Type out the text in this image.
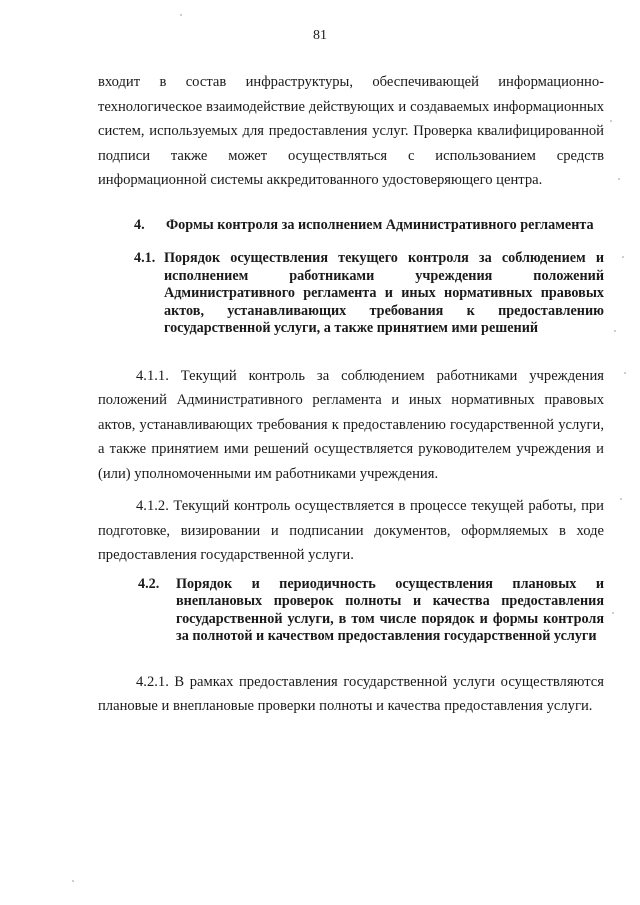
81

входит в состав инфраструктуры, обеспечивающей информационно-технологическое взаимодействие действующих и создаваемых информационных систем, используемых для предоставления услуг. Проверка квалифицированной подписи также может осуществляться с использованием средств информационной системы аккредитованного удостоверяющего центра.

4.	Формы контроля за исполнением Административного регламента
4.1. Порядок осуществления текущего контроля за соблюдением и исполнением работниками учреждения положений Административного регламента и иных нормативных правовых актов, устанавливающих требования к предоставлению государственной услуги, а также принятием ими решений

4.1.1. Текущий контроль за соблюдением работниками учреждения положений Административного регламента и иных нормативных правовых актов, устанавливающих требования к предоставлению государственной услуги, а также принятием ими решений осуществляется руководителем учреждения и (или) уполномоченными им работниками учреждения.

4.1.2. Текущий контроль осуществляется в процессе текущей работы, при подготовке, визировании и подписании документов, оформляемых в ходе предоставления государственной услуги.

4.2.	Порядок и периодичность осуществления плановых и внеплановых проверок полноты и качества предоставления государственной услуги, в том числе порядок и формы контроля за полнотой и качеством предоставления государственной услуги

4.2.1. В рамках предоставления государственной услуги осуществляются плановые и внеплановые проверки полноты и качества предоставления услуги.
